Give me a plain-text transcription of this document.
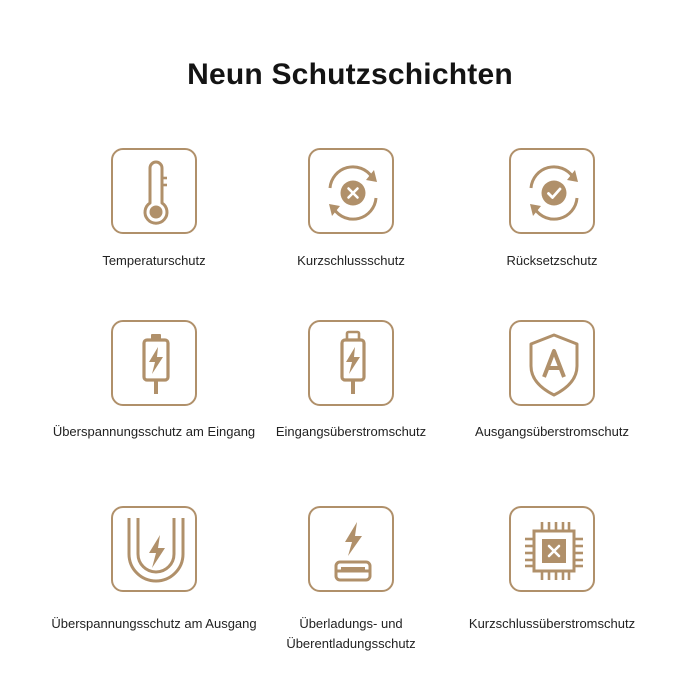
Neun Schutzschichten
Temperaturschutz	Kurzschlussschutz	Rücksetzschutz
Überspannungsschutz am Eingang	Eingangsüberstromschutz	Ausgangsüberstromschutz
Überspannungsschutz am Ausgang	Überladungs- und Überentladungsschutz
Kurzschlussüberstromschutz
